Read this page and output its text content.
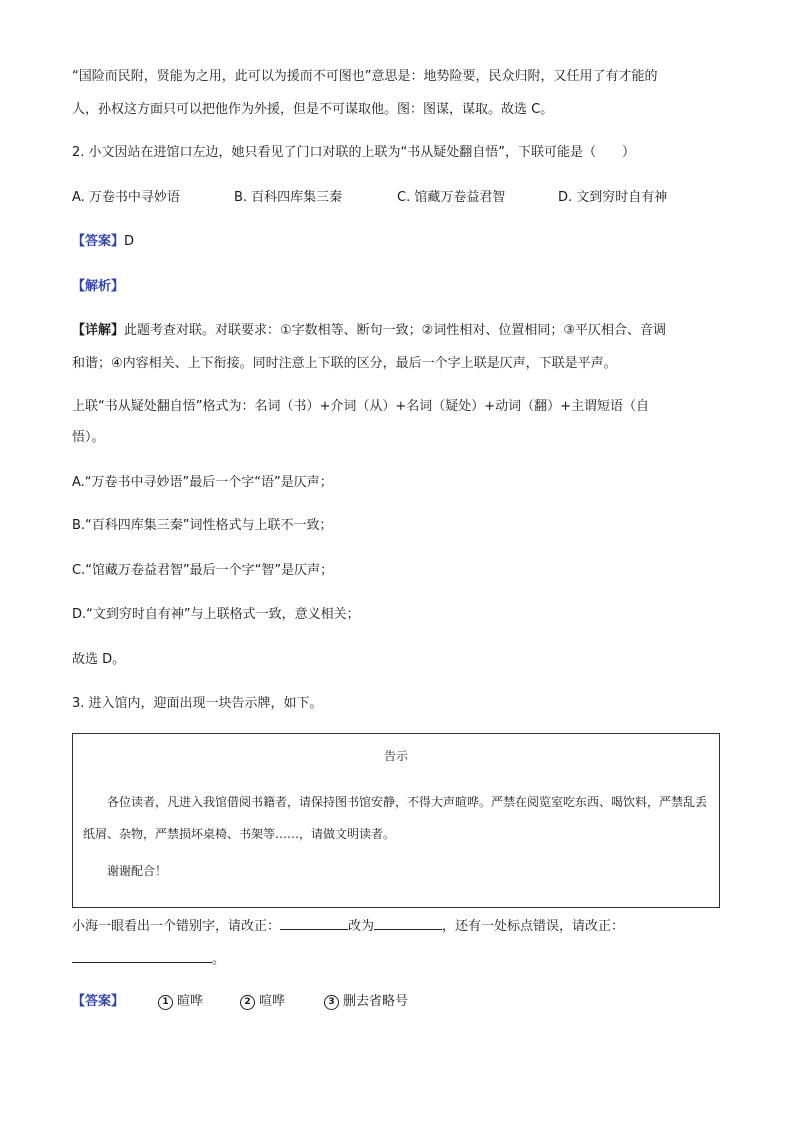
“国险而民附，贤能为之用，此可以为援而不可图也”意思是：地势险要，民众归附，又任用了有才能的

人，孙权这方面只可以把他作为外援，但是不可谋取他。图：图谋，谋取。故选 C。

2. 小文因站在进馆口左边，她只看见了门口对联的上联为“书从疑处翻自悟”，下联可能是（　　）

A. 万卷书中寻妙语	B. 百科四库集三秦	C. 馆藏万卷益君智	D. 文到穷时自有神

【答案】D

【解析】

【详解】此题考查对联。对联要求：①字数相等、断句一致；②词性相对、位置相同；③平仄相合、音调

和谐；④内容相关、上下衔接。同时注意上下联的区分，最后一个字上联是仄声，下联是平声。

上联“书从疑处翻自悟”格式为：名词（书）+介词（从）+名词（疑处）+动词（翻）+主谓短语（自

悟）。

A.“万卷书中寻妙语”最后一个字“语”是仄声；

B.“百科四库集三秦”词性格式与上联不一致；

C.“馆藏万卷益君智”最后一个字“智”是仄声；

D.“文到穷时自有神”与上联格式一致，意义相关；

故选 D。

3. 进入馆内，迎面出现一块告示牌，如下。

告示
各位读者，凡进入我馆借阅书籍者，请保持图书馆安静，不得大声暄哗。严禁在阅览室吃东西、喝饮料，严禁乱丢纸屑、杂物，严禁损坏桌椅、书架等……，请做文明读者。
谢谢配合！

小海一眼看出一个错别字，请改正：	改为	，还有一处标点错误，请改正：
。

【答案】	1 暄哗	2 喧哗	3 删去省略号
